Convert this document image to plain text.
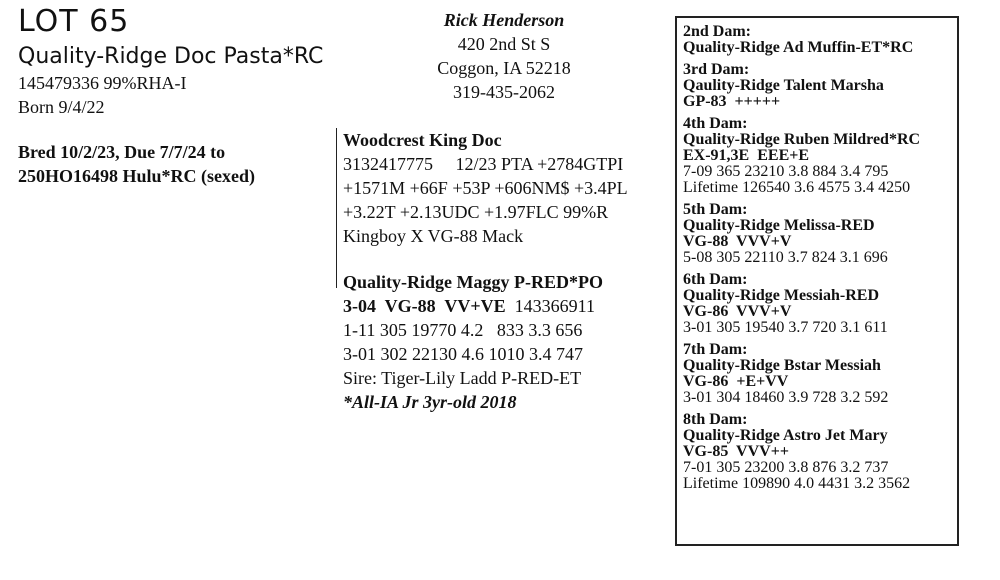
LOT 65
Quality-Ridge Doc Pasta*RC
145479336 99%RHA-I
Born 9/4/22
Bred 10/2/23, Due 7/7/24 to
250HO16498 Hulu*RC (sexed)
Rick Henderson
420 2nd St S
Coggon, IA 52218
319-435-2062
Woodcrest King Doc
3132417775     12/23 PTA +2784GTPI
+1571M +66F +53P +606NM$ +3.4PL
+3.22T +2.13UDC +1.97FLC 99%R
Kingboy X VG-88 Mack
Quality-Ridge Maggy P-RED*PO
3-04  VG-88  VV+VE  143366911
1-11 305 19770 4.2   833 3.3 656
3-01 302 22130 4.6 1010 3.4 747
Sire: Tiger-Lily Ladd P-RED-ET
*All-IA Jr 3yr-old 2018
2nd Dam:
Quality-Ridge Ad Muffin-ET*RC
3rd Dam:
Qaulity-Ridge Talent Marsha
GP-83  +++++
4th Dam:
Quality-Ridge Ruben Mildred*RC
EX-91,3E  EEE+E
7-09 365 23210 3.8 884 3.4 795
Lifetime 126540 3.6 4575 3.4 4250
5th Dam:
Quality-Ridge Melissa-RED
VG-88  VVV+V
5-08 305 22110 3.7 824 3.1 696
6th Dam:
Quality-Ridge Messiah-RED
VG-86  VVV+V
3-01 305 19540 3.7 720 3.1 611
7th Dam:
Quality-Ridge Bstar Messiah
VG-86  +E+VV
3-01 304 18460 3.9 728 3.2 592
8th Dam:
Quality-Ridge Astro Jet Mary
VG-85  VVV++
7-01 305 23200 3.8 876 3.2 737
Lifetime 109890 4.0 4431 3.2 3562
